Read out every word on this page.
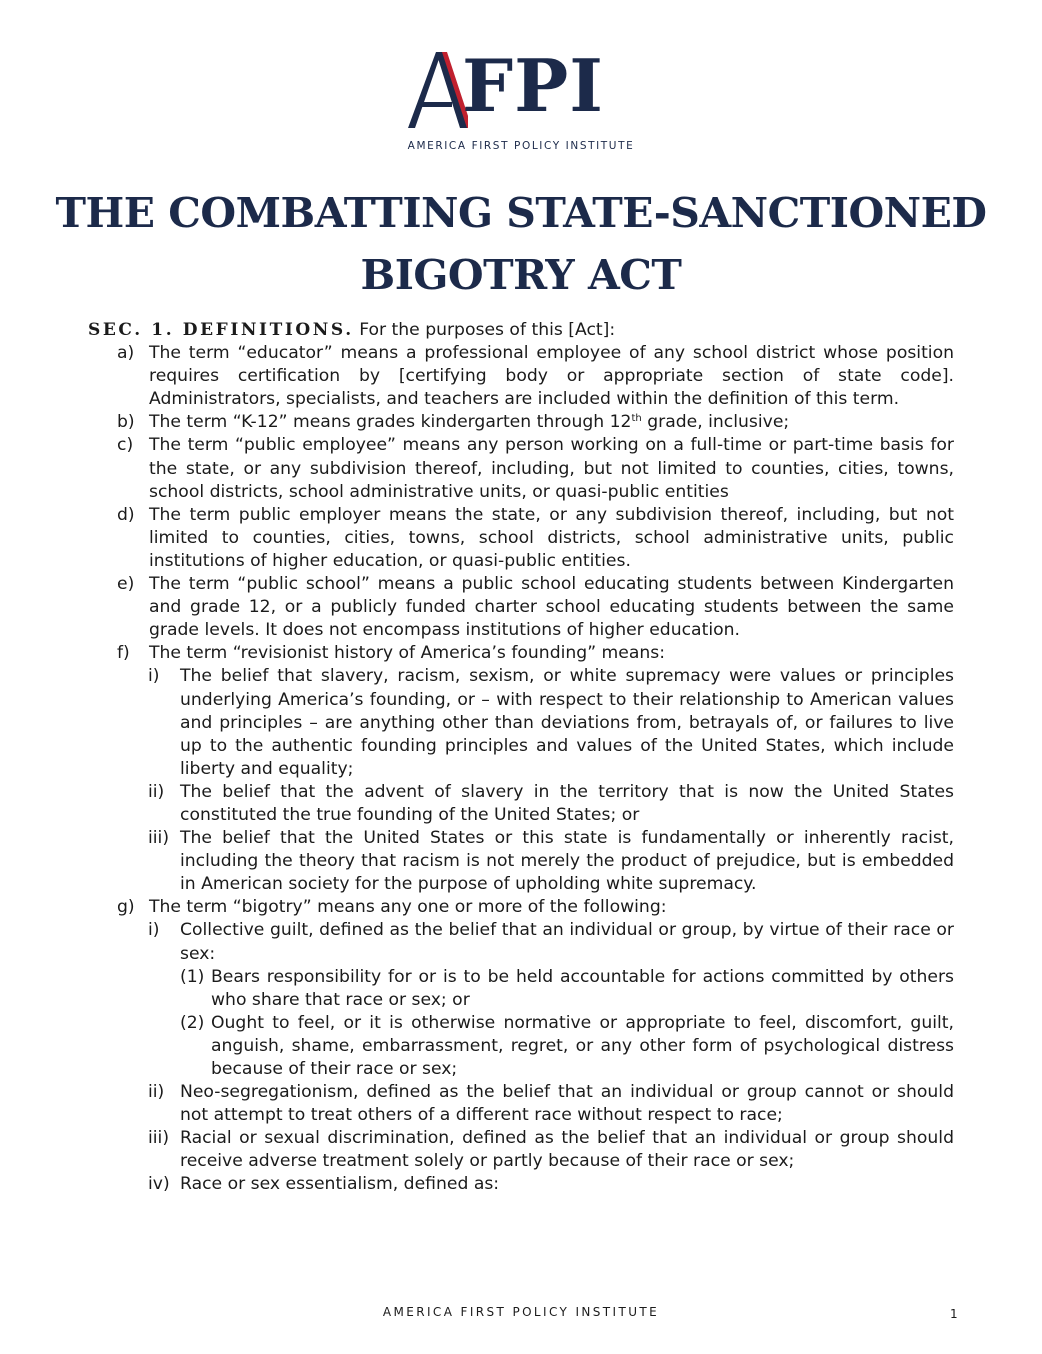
FPI
AMERICA FIRST POLICY INSTITUTE
THE COMBATTING STATE-SANCTIONED
BIGOTRY ACT
SEC. 1. DEFINITIONS. For the purposes of this [Act]:
a) The term “educator” means a professional employee of any school district whose position requires certification by [certifying body or appropriate section of state code]. Administrators, specialists, and teachers are included within the definition of this term.
b) The term “K-12” means grades kindergarten through 12th grade, inclusive;
c) The term “public employee” means any person working on a full-time or part-time basis for the state, or any subdivision thereof, including, but not limited to counties, cities, towns, school districts, school administrative units, or quasi-public entities
d) The term public employer means the state, or any subdivision thereof, including, but not limited to counties, cities, towns, school districts, school administrative units, public institutions of higher education, or quasi-public entities.
e) The term “public school” means a public school educating students between Kindergarten and grade 12, or a publicly funded charter school educating students between the same grade levels. It does not encompass institutions of higher education.
f) The term “revisionist history of America’s founding” means:
i) The belief that slavery, racism, sexism, or white supremacy were values or principles underlying America’s founding, or – with respect to their relationship to American values and principles – are anything other than deviations from, betrayals of, or failures to live up to the authentic founding principles and values of the United States, which include liberty and equality;
ii) The belief that the advent of slavery in the territory that is now the United States constituted the true founding of the United States; or
iii) The belief that the United States or this state is fundamentally or inherently racist, including the theory that racism is not merely the product of prejudice, but is embedded in American society for the purpose of upholding white supremacy.
g) The term “bigotry” means any one or more of the following:
i) Collective guilt, defined as the belief that an individual or group, by virtue of their race or sex:
(1) Bears responsibility for or is to be held accountable for actions committed by others who share that race or sex; or
(2) Ought to feel, or it is otherwise normative or appropriate to feel, discomfort, guilt, anguish, shame, embarrassment, regret, or any other form of psychological distress because of their race or sex;
ii) Neo-segregationism, defined as the belief that an individual or group cannot or should not attempt to treat others of a different race without respect to race;
iii) Racial or sexual discrimination, defined as the belief that an individual or group should receive adverse treatment solely or partly because of their race or sex;
iv) Race or sex essentialism, defined as:
AMERICA FIRST POLICY INSTITUTE	1
